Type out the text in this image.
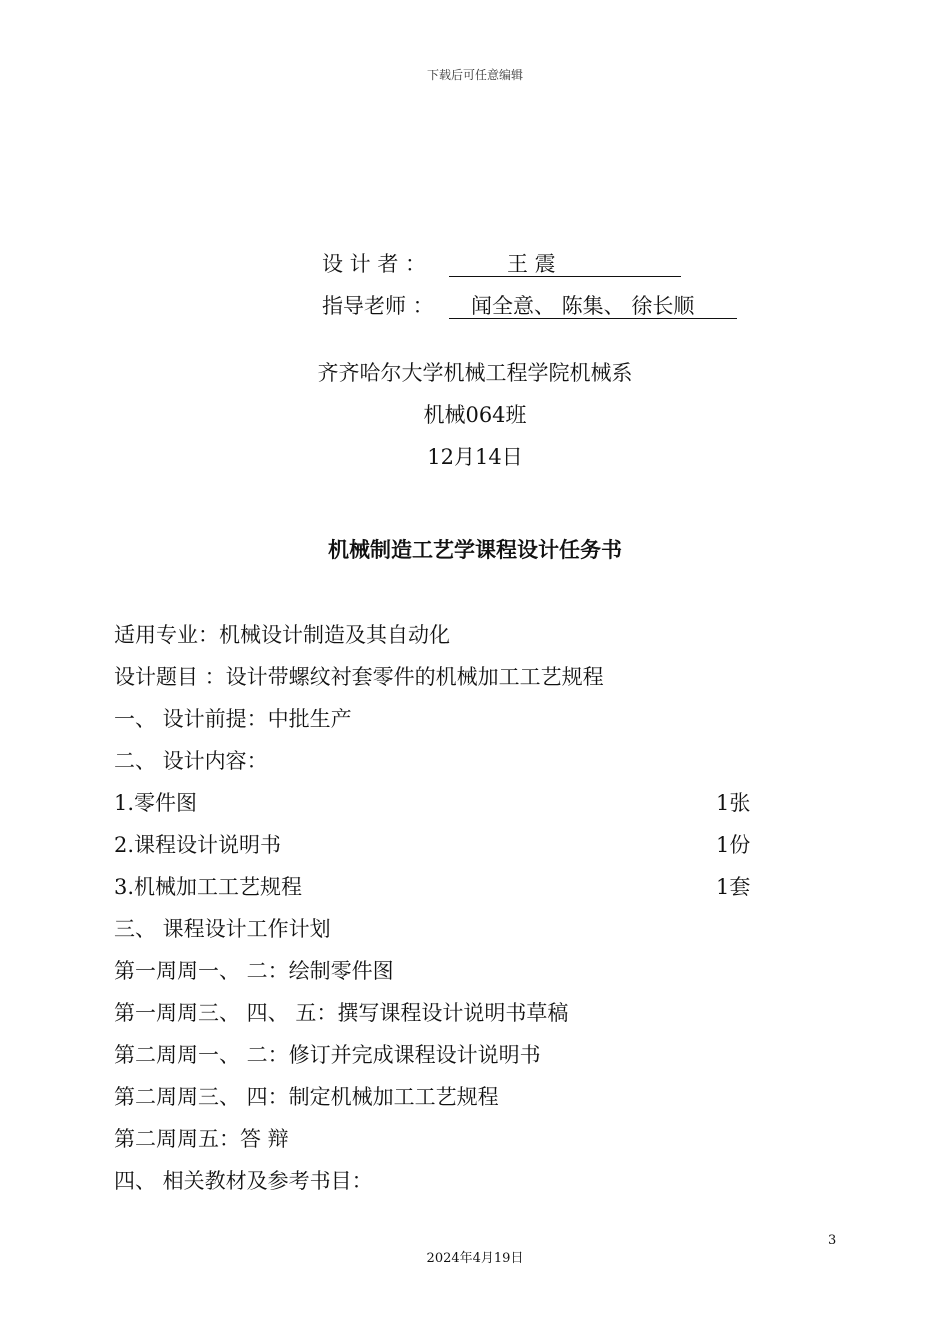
下载后可任意编辑
设 计 者 ：	王 震
指导老师 ： 闻全意、 陈集、 徐长顺
齐齐哈尔大学机械工程学院机械系
机械064班
12月14日
机械制造工艺学课程设计任务书
适用专业：机械设计制造及其自动化
设计题目 ：设计带螺纹衬套零件的机械加工工艺规程
一、 设计前提：中批生产
二、 设计内容：
1.零件图	1张
2.课程设计说明书	1份
3.机械加工工艺规程	1套
三、 课程设计工作计划
第一周周一、 二：绘制零件图
第一周周三、 四、 五：撰写课程设计说明书草稿
第二周周一、 二：修订并完成课程设计说明书
第二周周三、 四：制定机械加工工艺规程
第二周周五：答 辩
四、 相关教材及参考书目：
3
2024年4月19日
